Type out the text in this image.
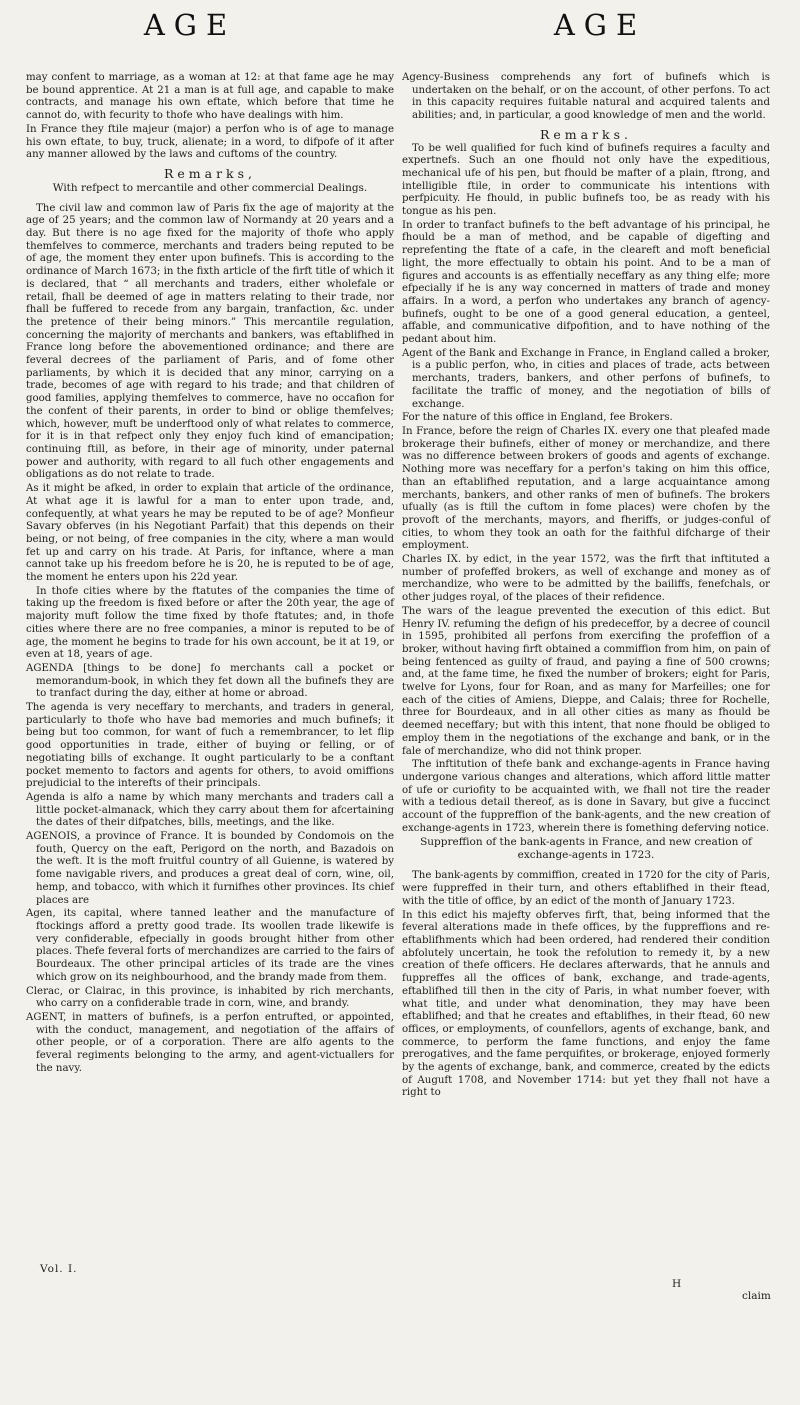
AGE	AGE

may confent to marriage, as a woman at 12: at that fame age he may be bound apprentice. At 21 a man is at full age, and capable to make contracts, and manage his own eftate, which before that time he cannot do, with fecurity to thofe who have dealings with him.

In France they ftile majeur (major) a perfon who is of age to manage his own eftate, to buy, truck, alienate; in a word, to difpofe of it after any manner allowed by the laws and cuftoms of the country.

Remarks,
With refpect to mercantile and other commercial Dealings.

The civil law and common law of Paris fix the age of majority at the age of 25 years; and the common law of Normandy at 20 years and a day. But there is no age fixed for the majority of thofe who apply themfelves to commerce, merchants and traders being reputed to be of age, the moment they enter upon bufinefs. This is according to the ordinance of March 1673; in the fixth article of the firft title of which it is declared, that “ all merchants and traders, either wholefale or retail, fhall be deemed of age in matters relating to their trade, nor fhall be fuffered to recede from any bargain, tranfaction, &c. under the pretence of their being minors.” This mercantile regulation, concerning the majority of merchants and bankers, was eftablifhed in France long before the abovementioned ordinance; and there are feveral decrees of the parliament of Paris, and of fome other parliaments, by which it is decided that any minor, carrying on a trade, becomes of age with regard to his trade; and that children of good families, applying themfelves to commerce, have no occafion for the confent of their parents, in order to bind or oblige themfelves; which, however, muft be underftood only of what relates to commerce, for it is in that refpect only they enjoy fuch kind of emancipation; continuing ftill, as before, in their age of minority, under paternal power and authority, with regard to all fuch other engagements and obligations as do not relate to trade.

As it might be afked, in order to explain that article of the ordinance, At what age it is lawful for a man to enter upon trade, and, confequently, at what years he may be reputed to be of age? Monfieur Savary obferves (in his Negotiant Parfait) that this depends on their being, or not being, of free companies in the city, where a man would fet up and carry on his trade. At Paris, for inftance, where a man cannot take up his freedom before he is 20, he is reputed to be of age, the moment he enters upon his 22d year.

In thofe cities where by the ftatutes of the companies the time of taking up the freedom is fixed before or after the 20th year, the age of majority muft follow the time fixed by thofe ftatutes; and, in thofe cities where there are no free companies, a minor is reputed to be of age, the moment he begins to trade for his own account, be it at 19, or even at 18, years of age.

AGENDA [things to be done] fo merchants call a pocket or memorandum-book, in which they fet down all the bufinefs they are to tranfact during the day, either at home or abroad.

The agenda is very neceffary to merchants, and traders in general, particularly to thofe who have bad memories and much bufinefs; it being but too common, for want of fuch a remembrancer, to let flip good opportunities in trade, either of buying or felling, or of negotiating bills of exchange. It ought particularly to be a conftant pocket memento to factors and agents for others, to avoid omiffions prejudicial to the interefts of their principals.

Agenda is alfo a name by which many merchants and traders call a little pocket-almanack, which they carry about them for afcertaining the dates of their difpatches, bills, meetings, and the like.

AGENOIS, a province of France. It is bounded by Condomois on the fouth, Quercy on the eaft, Perigord on the north, and Bazadois on the weft. It is the moft fruitful country of all Guienne, is watered by fome navigable rivers, and produces a great deal of corn, wine, oil, hemp, and tobacco, with which it furnifhes other provinces. Its chief places are

Agen, its capital, where tanned leather and the manufacture of ftockings afford a pretty good trade. Its woollen trade likewife is very confiderable, efpecially in goods brought hither from other places. Thefe feveral forts of merchandizes are carried to the fairs of Bourdeaux. The other principal articles of its trade are the vines which grow on its neighbourhood, and the brandy made from them.

Clerac, or Clairac, in this province, is inhabited by rich merchants, who carry on a confiderable trade in corn, wine, and brandy.

AGENT, in matters of bufinefs, is a perfon entrufted, or appointed, with the conduct, management, and negotiation of the affairs of other people, or of a corporation. There are alfo agents to the feveral regiments belonging to the army, and agent-victuallers for the navy.

Agency-Business comprehends any fort of bufinefs which is undertaken on the behalf, or on the account, of other perfons. To act in this capacity requires fuitable natural and acquired talents and abilities; and, in particular, a good knowledge of men and the world.

Remarks.

To be well qualified for fuch kind of bufinefs requires a faculty and expertnefs. Such an one fhould not only have the expeditious, mechanical ufe of his pen, but fhould be mafter of a plain, ftrong, and intelligible ftile, in order to communicate his intentions with perfpicuity. He fhould, in public bufinefs too, be as ready with his tongue as his pen.

In order to tranfact bufinefs to the beft advantage of his principal, he fhould be a man of method, and be capable of digefting and reprefenting the ftate of a cafe, in the cleareft and moft beneficial light, the more effectually to obtain his point. And to be a man of figures and accounts is as effentially neceffary as any thing elfe; more efpecially if he is any way concerned in matters of trade and money affairs. In a word, a perfon who undertakes any branch of agency-bufinefs, ought to be one of a good general education, a genteel, affable, and communicative difpofition, and to have nothing of the pedant about him.

Agent of the Bank and Exchange in France, in England called a broker, is a public perfon, who, in cities and places of trade, acts between merchants, traders, bankers, and other perfons of bufinefs, to facilitate the traffic of money, and the negotiation of bills of exchange.

For the nature of this office in England, fee Brokers.

In France, before the reign of Charles IX. every one that pleafed made brokerage their bufinefs, either of money or merchandize, and there was no difference between brokers of goods and agents of exchange. Nothing more was neceffary for a perfon's taking on him this office, than an eftablifhed reputation, and a large acquaintance among merchants, bankers, and other ranks of men of bufinefs. The brokers ufually (as is ftill the cuftom in fome places) were chofen by the provoft of the merchants, mayors, and fheriffs, or judges-conful of cities, to whom they took an oath for the faithful difcharge of their employment.

Charles IX. by edict, in the year 1572, was the firft that inftituted a number of profeffed brokers, as well of exchange and money as of merchandize, who were to be admitted by the bailiffs, fenefchals, or other judges royal, of the places of their refidence.

The wars of the league prevented the execution of this edict. But Henry IV. refuming the defign of his predeceffor, by a decree of council in 1595, prohibited all perfons from exercifing the profeffion of a broker, without having firft obtained a commiffion from him, on pain of being fentenced as guilty of fraud, and paying a fine of 500 crowns; and, at the fame time, he fixed the number of brokers; eight for Paris, twelve for Lyons, four for Roan, and as many for Marfeilles; one for each of the cities of Amiens, Dieppe, and Calais; three for Rochelle, three for Bourdeaux, and in all other cities as many as fhould be deemed neceffary; but with this intent, that none fhould be obliged to employ them in the negotiations of the exchange and bank, or in the fale of merchandize, who did not think proper.

The inftitution of thefe bank and exchange-agents in France having undergone various changes and alterations, which afford little matter of ufe or curiofity to be acquainted with, we fhall not tire the reader with a tedious detail thereof, as is done in Savary, but give a fuccinct account of the fuppreffion of the bank-agents, and the new creation of exchange-agents in 1723, wherein there is fomething deferving notice.

Suppreffion of the bank-agents in France, and new creation of exchange-agents in 1723.

The bank-agents by commiffion, created in 1720 for the city of Paris, were fuppreffed in their turn, and others eftablifhed in their ftead, with the title of office, by an edict of the month of January 1723.

In this edict his majefty obferves firft, that, being informed that the feveral alterations made in thefe offices, by the fuppreffions and re-eftablifhments which had been ordered, had rendered their condition abfolutely uncertain, he took the refolution to remedy it, by a new creation of thefe officers. He declares afterwards, that he annuls and fuppreffes all the offices of bank, exchange, and trade-agents, eftablifhed till then in the city of Paris, in what number foever, with what title, and under what denomination, they may have been eftablifhed; and that he creates and eftablifhes, in their ftead, 60 new offices, or employments, of counfellors, agents of exchange, bank, and commerce, to perform the fame functions, and enjoy the fame prerogatives, and the fame perquifites, or brokerage, enjoyed formerly by the agents of exchange, bank, and commerce, created by the edicts of Auguft 1708, and November 1714: but yet they fhall not have a right to

Vol. I.
H
claim
